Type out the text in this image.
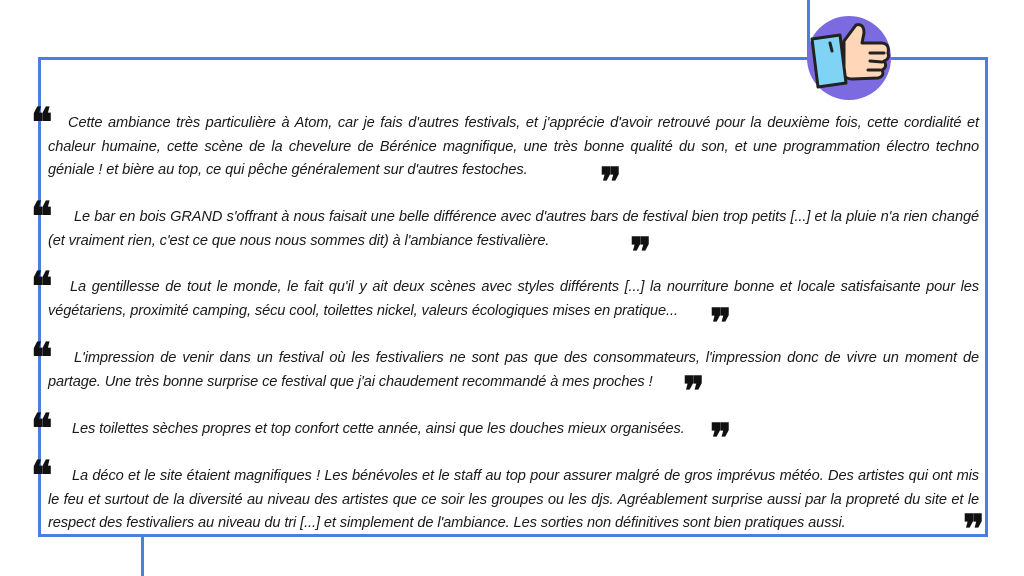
❝	Cette ambiance très particulière à Atom, car je fais d'autres festivals, et j'apprécie d'avoir retrouvé pour la deuxième fois, cette cordialité et chaleur humaine, cette scène de la chevelure de Bérénice magnifique, une très bonne qualité du son, et une programmation électro techno géniale ! et bière au top, ce qui pêche généralement sur d'autres festoches.	❞
❝	Le bar en bois GRAND s'offrant à nous faisait une belle différence avec d'autres bars de festival bien trop petits [...] et la pluie n'a rien changé (et vraiment rien, c'est ce que nous nous sommes dit) à l'ambiance festivalière.	❞
❝	La gentillesse de tout le monde, le fait qu'il y ait deux scènes avec styles différents [...] la nourriture bonne et locale satisfaisante pour les végétariens, proximité camping, sécu cool, toilettes nickel, valeurs écologiques mises en pratique... ❞
❝	L'impression de venir dans un festival où les festivaliers ne sont pas que des consommateurs, l'impression donc de vivre un moment de partage. Une très bonne surprise ce festival que j'ai chaudement recommandé à mes proches ! ❞
❝	Les toilettes sèches propres et top confort cette année, ainsi que les douches mieux organisées. ❞
❝	La déco et le site étaient magnifiques ! Les bénévoles et le staff au top pour assurer malgré de gros imprévus météo. Des artistes qui ont mis le feu et surtout de la diversité au niveau des artistes que ce soir les groupes ou les djs. Agréablement surprise aussi par la propreté du site et le respect des festivaliers au niveau du tri [...] et simplement de l'ambiance. Les sorties non définitives sont bien pratiques aussi.	❞
